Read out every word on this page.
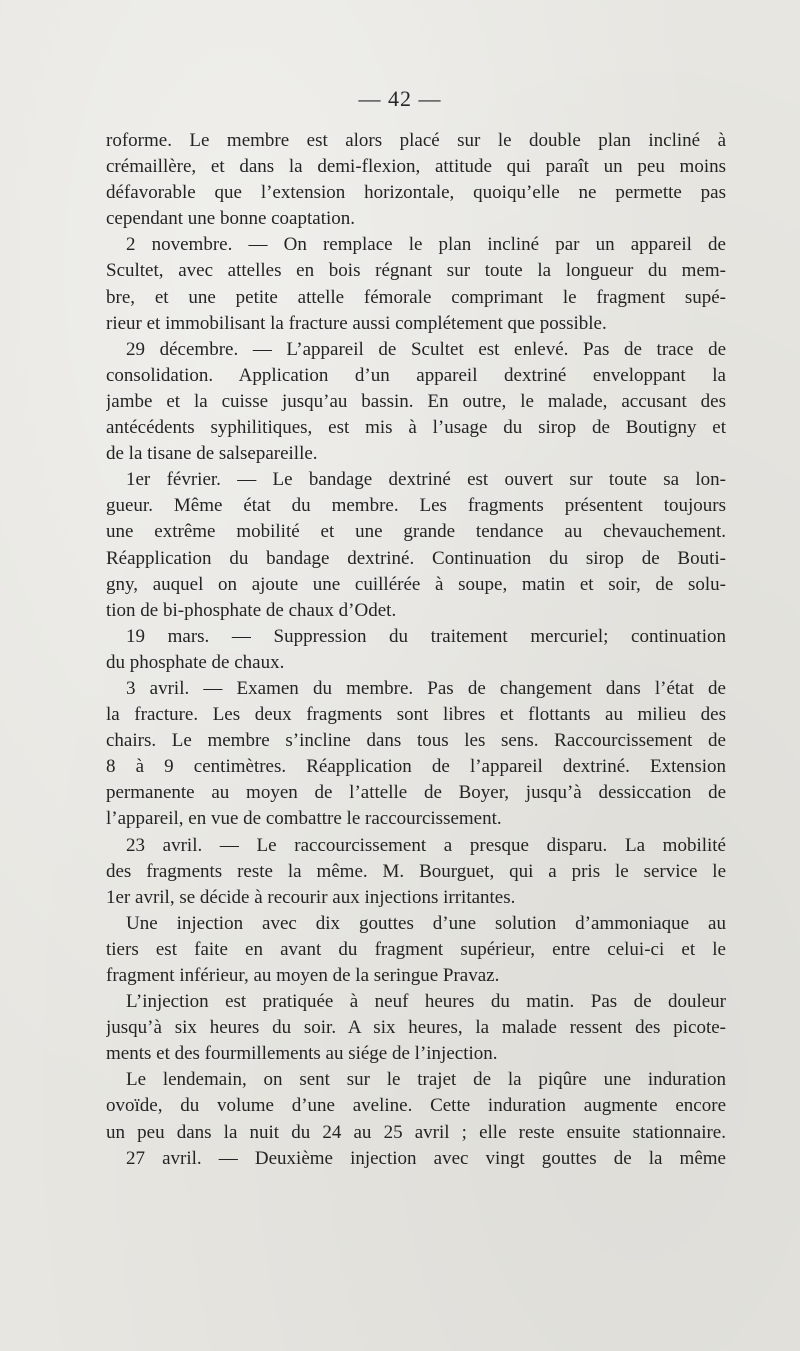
— 42 —
roforme. Le membre est alors placé sur le double plan incliné à
crémaillère, et dans la demi-flexion, attitude qui paraît un peu moins
défavorable que l’extension horizontale, quoiqu’elle ne permette pas
cependant une bonne coaptation.
2 novembre. — On remplace le plan incliné par un appareil de
Scultet, avec attelles en bois régnant sur toute la longueur du mem-
bre, et une petite attelle fémorale comprimant le fragment supé-
rieur et immobilisant la fracture aussi complétement que possible.
29 décembre. — L’appareil de Scultet est enlevé. Pas de trace de
consolidation. Application d’un appareil dextriné enveloppant la
jambe et la cuisse jusqu’au bassin. En outre, le malade, accusant des
antécédents syphilitiques, est mis à l’usage du sirop de Boutigny et
de la tisane de salsepareille.
1er février. — Le bandage dextriné est ouvert sur toute sa lon-
gueur. Même état du membre. Les fragments présentent toujours
une extrême mobilité et une grande tendance au chevauchement.
Réapplication du bandage dextriné. Continuation du sirop de Bouti-
gny, auquel on ajoute une cuillérée à soupe, matin et soir, de solu-
tion de bi-phosphate de chaux d’Odet.
19 mars. — Suppression du traitement mercuriel; continuation
du phosphate de chaux.
3 avril. — Examen du membre. Pas de changement dans l’état de
la fracture. Les deux fragments sont libres et flottants au milieu des
chairs. Le membre s’incline dans tous les sens. Raccourcissement de
8 à 9 centimètres. Réapplication de l’appareil dextriné. Extension
permanente au moyen de l’attelle de Boyer, jusqu’à dessiccation de
l’appareil, en vue de combattre le raccourcissement.
23 avril. — Le raccourcissement a presque disparu. La mobilité
des fragments reste la même. M. Bourguet, qui a pris le service le
1er avril, se décide à recourir aux injections irritantes.
Une injection avec dix gouttes d’une solution d’ammoniaque au
tiers est faite en avant du fragment supérieur, entre celui-ci et le
fragment inférieur, au moyen de la seringue Pravaz.
L’injection est pratiquée à neuf heures du matin. Pas de douleur
jusqu’à six heures du soir. A six heures, la malade ressent des picote-
ments et des fourmillements au siége de l’injection.
Le lendemain, on sent sur le trajet de la piqûre une induration
ovoïde, du volume d’une aveline. Cette induration augmente encore
un peu dans la nuit du 24 au 25 avril ; elle reste ensuite stationnaire.
27 avril. — Deuxième injection avec vingt gouttes de la même
